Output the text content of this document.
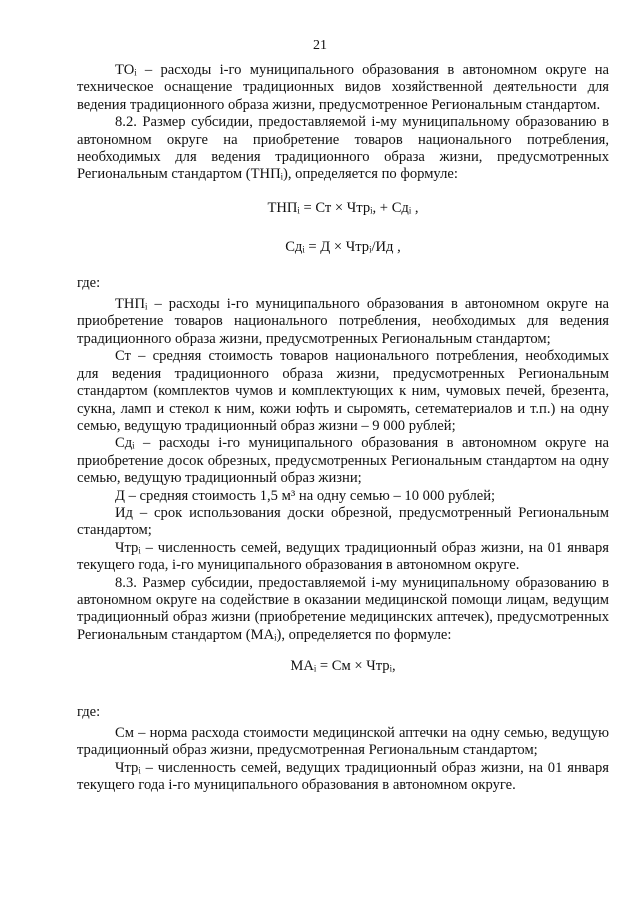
21

ТОᵢ – расходы i-го муниципального образования в автономном округе на техническое оснащение традиционных видов хозяйственной деятельности для ведения традиционного образа жизни, предусмотренное Региональным стандартом.

8.2. Размер субсидии, предоставляемой i-му муниципальному образованию в автономном округе на приобретение товаров национального потребления, необходимых для ведения традиционного образа жизни, предусмотренных Региональным стандартом (ТНПᵢ), определяется по формуле:

ТНПᵢ = Ст × Чтрᵢ, + Сдᵢ ,

Сдᵢ = Д × Чтрᵢ/Ид ,

где:

ТНПᵢ – расходы i-го муниципального образования в автономном округе на приобретение товаров национального потребления, необходимых для ведения традиционного образа жизни, предусмотренных Региональным стандартом;

Ст – средняя стоимость товаров национального потребления, необходимых для ведения традиционного образа жизни, предусмотренных Региональным стандартом (комплектов чумов и комплектующих к ним, чумовых печей, брезента, сукна, ламп и стекол к ним, кожи юфть и сыромять, сетематериалов и т.п.) на одну семью, ведущую традиционный образ жизни – 9 000 рублей;

Сдᵢ – расходы i-го муниципального образования в автономном округе на приобретение досок обрезных, предусмотренных Региональным стандартом на одну семью, ведущую традиционный образ жизни;

Д – средняя стоимость 1,5 м³ на одну семью – 10 000 рублей;

Ид – срок использования доски обрезной, предусмотренный Региональным стандартом;

Чтрᵢ – численность семей, ведущих традиционный образ жизни, на 01 января текущего года, i-го муниципального образования в автономном округе.

8.3. Размер субсидии, предоставляемой i-му муниципальному образованию в автономном округе на содействие в оказании медицинской помощи лицам, ведущим традиционный образ жизни (приобретение медицинских аптечек), предусмотренных Региональным стандартом (МАᵢ), определяется по формуле:

МАᵢ = См × Чтрᵢ,

где:

См – норма расхода стоимости медицинской аптечки на одну семью, ведущую традиционный образ жизни, предусмотренная Региональным стандартом;

Чтрᵢ – численность семей, ведущих традиционный образ жизни, на 01 января текущего года i-го муниципального образования в автономном округе.
